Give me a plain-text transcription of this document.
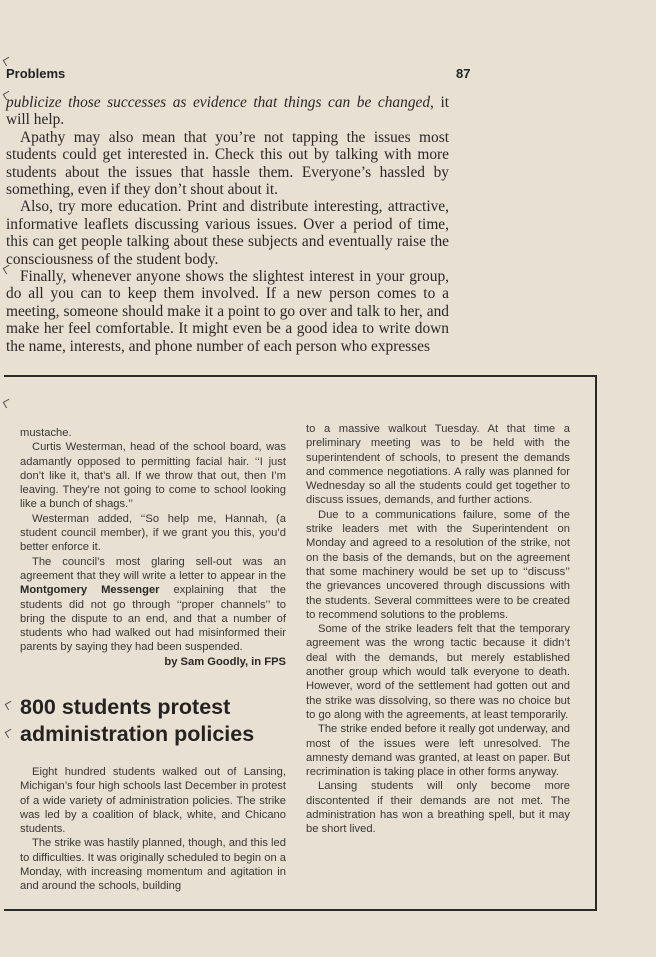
Problems	87

publicize those successes as evidence that things can be changed, it will help.

Apathy may also mean that you’re not tapping the issues most students could get interested in. Check this out by talking with more students about the issues that hassle them. Everyone’s hassled by something, even if they don’t shout about it.

Also, try more education. Print and distribute interesting, attractive, informative leaflets discussing various issues. Over a period of time, this can get people talking about these subjects and eventually raise the consciousness of the student body.

Finally, whenever anyone shows the slightest interest in your group, do all you can to keep them involved. If a new person comes to a meeting, someone should make it a point to go over and talk to her, and make her feel comfortable. It might even be a good idea to write down the name, interests, and phone number of each person who expresses

mustache.

Curtis Westerman, head of the school board, was adamantly opposed to permitting facial hair. ‘‘I just don’t like it, that’s all. If we throw that out, then I’m leaving. They’re not going to come to school looking like a bunch of shags.’’

Westerman added, ‘‘So help me, Hannah, (a student council member), if we grant you this, you’d better enforce it.

The council’s most glaring sell-out was an agreement that they will write a letter to appear in the Montgomery Messenger explaining that the students did not go through ‘‘proper channels’’ to bring the dispute to an end, and that a number of students who had walked out had misinformed their parents by saying they had been suspended.

by Sam Goodly, in FPS
800 students protest
administration policies

Eight hundred students walked out of Lansing, Michigan’s four high schools last December in protest of a wide variety of administration policies. The strike was led by a coalition of black, white, and Chicano students.

The strike was hastily planned, though, and this led to difficulties. It was originally scheduled to begin on a Monday, with increasing momentum and agitation in and around the schools, building

to a massive walkout Tuesday. At that time a preliminary meeting was to be held with the superintendent of schools, to present the demands and commence negotiations. A rally was planned for Wednesday so all the students could get together to discuss issues, demands, and further actions.

Due to a communications failure, some of the strike leaders met with the Superintendent on Monday and agreed to a resolution of the strike, not on the basis of the demands, but on the agreement that some machinery would be set up to ‘‘discuss’’ the grievances uncovered through discussions with the students. Several committees were to be created to recommend solutions to the problems.

Some of the strike leaders felt that the temporary agreement was the wrong tactic because it didn’t deal with the demands, but merely established another group which would talk everyone to death. However, word of the settlement had gotten out and the strike was dissolving, so there was no choice but to go along with the agreements, at least temporarily.

The strike ended before it really got underway, and most of the issues were left unresolved. The amnesty demand was granted, at least on paper. But recrimination is taking place in other forms anyway.

Lansing students will only become more discontented if their demands are not met. The administration has won a breathing spell, but it may be short lived.
